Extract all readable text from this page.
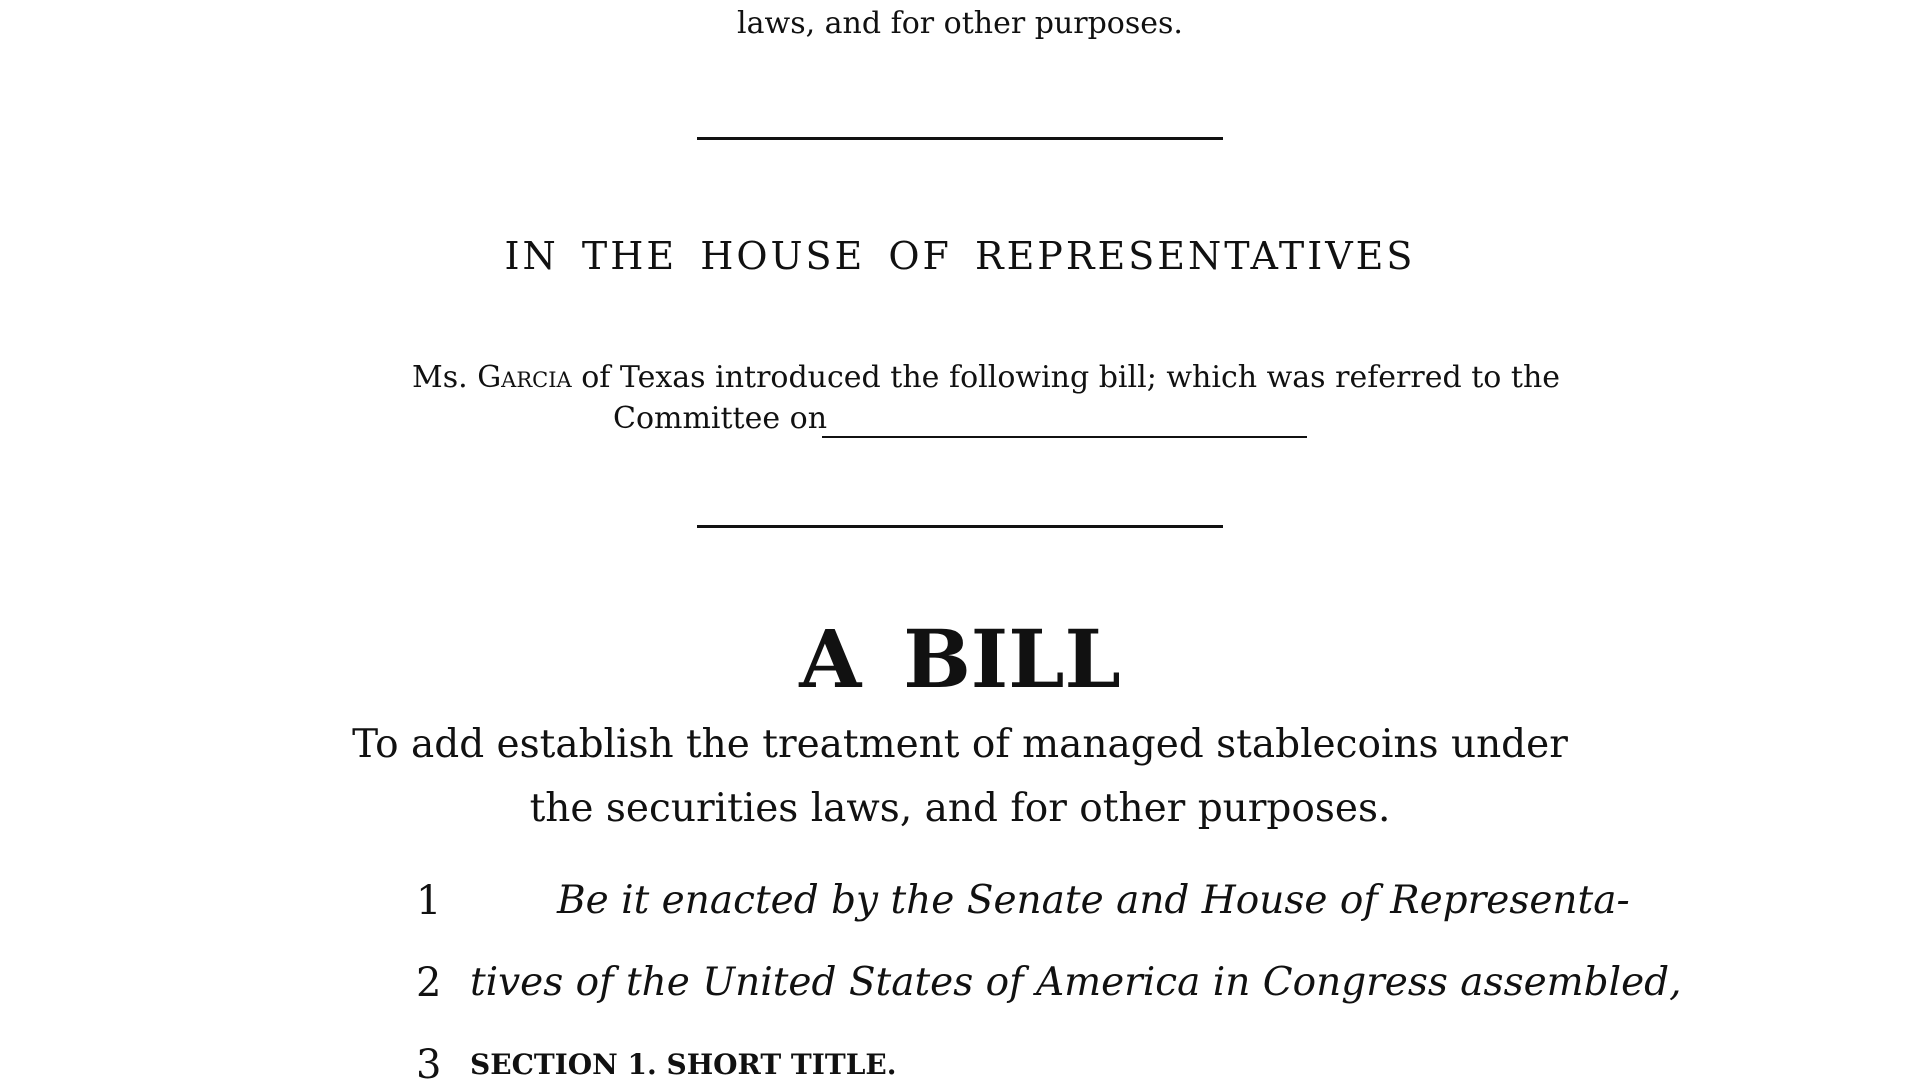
laws, and for other purposes.
IN THE HOUSE OF REPRESENTATIVES
Ms. Garcia of Texas introduced the following bill; which was referred to the
Committee on
A BILL
To add establish the treatment of managed stablecoins under
the securities laws, and for other purposes.
1	Be it enacted by the Senate and House of Representa-
2 tives of the United States of America in Congress assembled,
3 SECTION 1. SHORT TITLE.
